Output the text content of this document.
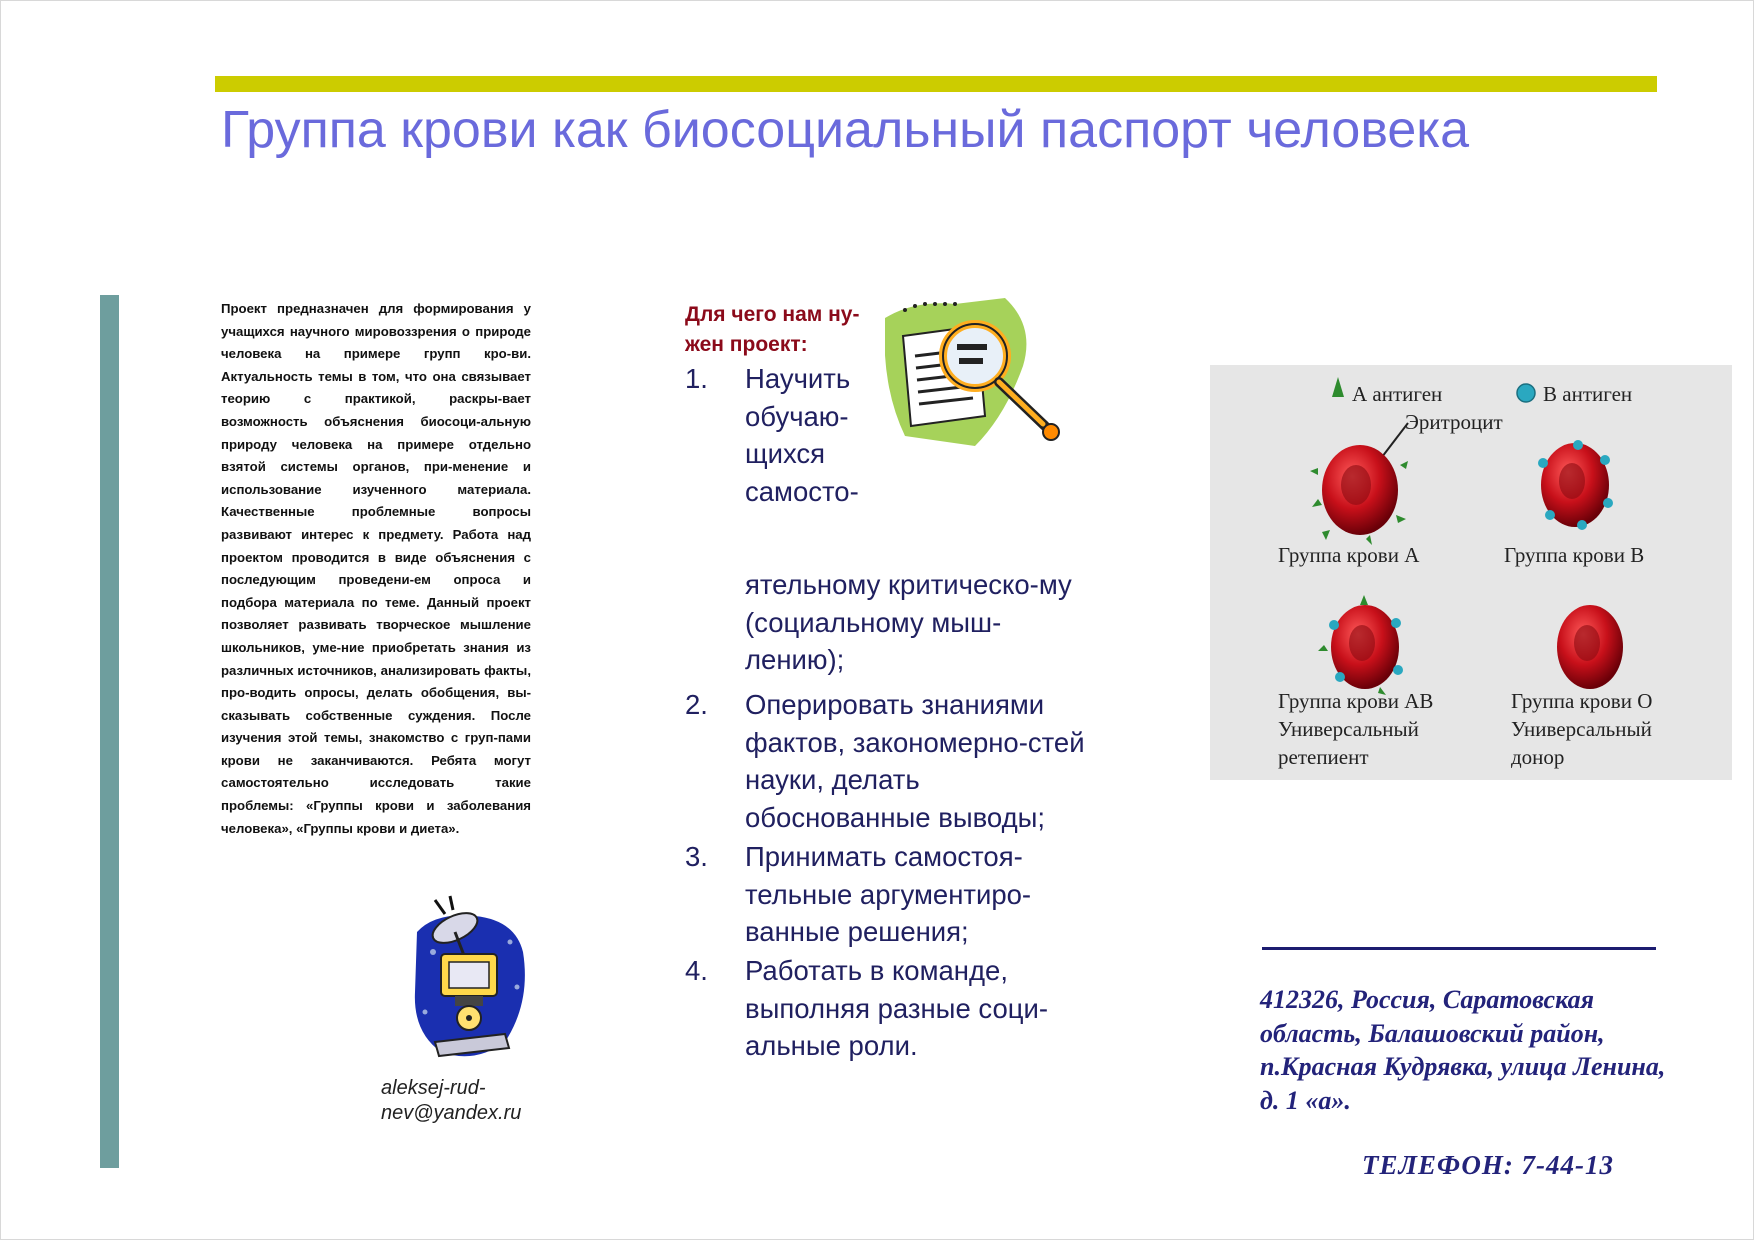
Группа крови как биосоциальный паспорт человека
Проект предназначен для формирования у учащихся научного мировоззрения о природе человека на примере групп кро-ви. Актуальность темы в том, что она связывает теорию с практикой, раскры-вает возможность объяснения биосоци-альную природу человека на примере отдельно взятой системы органов, при-менение и использование изученного материала. Качественные проблемные вопросы развивают интерес к предмету. Работа над проектом проводится в виде объяснения с последующим проведени-ем опроса и подбора материала по теме. Данный проект позволяет развивать творческое мышление школьников, уме-ние приобретать знания из различных источников, анализировать факты, про-водить опросы, делать обобщения, вы-сказывать собственные суждения. После изучения этой темы, знакомство с груп-пами крови не заканчиваются. Ребята могут самостоятельно исследовать такие проблемы: «Группы крови и заболевания человека», «Группы крови и диета».
aleksej-rud-nev@yandex.ru
Для чего нам ну-жен проект:
1.	Научить обучаю-щихся самосто-
ятельному критическо-му (социальному мыш-лению);
2.	Оперировать знаниями фактов, закономерно-стей науки, делать обоснованные выводы;
3.	Принимать самостоя-тельные аргументиро-ванные решения;
4.	Работать в команде, выполняя разные соци-альные роли.
А антиген	В антиген
Эритроцит
Группа крови А	Группа крови В
Группа крови АВ
Универсальный
ретепиент
Группа крови О
Универсальный
донор
412326, Россия, Саратовская область, Балашовский район, п.Красная Кудрявка, улица Ленина, д. 1 «а».
ТЕЛЕФОН: 7-44-13
